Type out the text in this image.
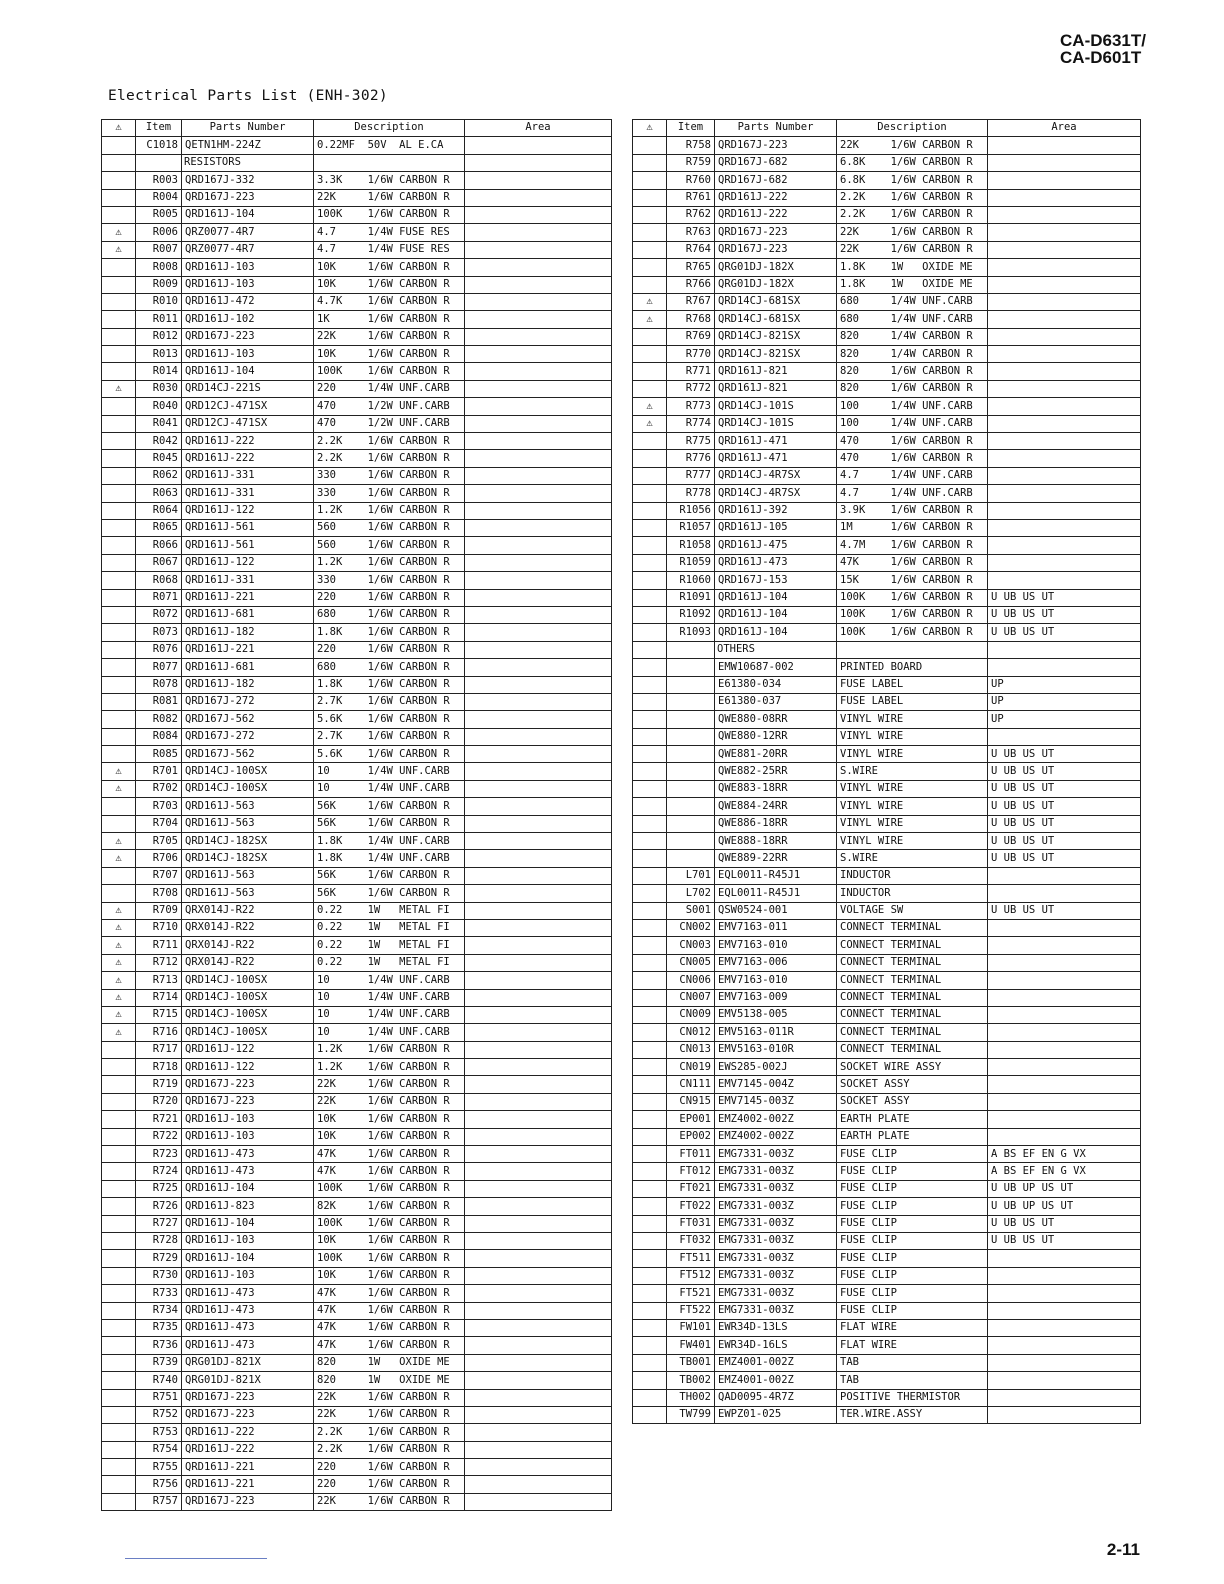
CA-D631T/
CA-D601T
Electrical Parts List (ENH-302)
⚠	Item	Parts Number	Description	Area
	C1018	QETN1HM-224Z	0.22MF  50V  AL E.CA	
		RESISTORS		
	R003	QRD167J-332	3.3K    1/6W CARBON R	
	R004	QRD167J-223	22K     1/6W CARBON R	
	R005	QRD161J-104	100K    1/6W CARBON R	
⚠	R006	QRZ0077-4R7	4.7     1/4W FUSE RES	
⚠	R007	QRZ0077-4R7	4.7     1/4W FUSE RES	
	R008	QRD161J-103	10K     1/6W CARBON R	
	R009	QRD161J-103	10K     1/6W CARBON R	
	R010	QRD161J-472	4.7K    1/6W CARBON R	
	R011	QRD161J-102	1K      1/6W CARBON R	
	R012	QRD167J-223	22K     1/6W CARBON R	
	R013	QRD161J-103	10K     1/6W CARBON R	
	R014	QRD161J-104	100K    1/6W CARBON R	
⚠	R030	QRD14CJ-221S	220     1/4W UNF.CARB	
	R040	QRD12CJ-471SX	470     1/2W UNF.CARB	
	R041	QRD12CJ-471SX	470     1/2W UNF.CARB	
	R042	QRD161J-222	2.2K    1/6W CARBON R	
	R045	QRD161J-222	2.2K    1/6W CARBON R	
	R062	QRD161J-331	330     1/6W CARBON R	
	R063	QRD161J-331	330     1/6W CARBON R	
	R064	QRD161J-122	1.2K    1/6W CARBON R	
	R065	QRD161J-561	560     1/6W CARBON R	
	R066	QRD161J-561	560     1/6W CARBON R	
	R067	QRD161J-122	1.2K    1/6W CARBON R	
	R068	QRD161J-331	330     1/6W CARBON R	
	R071	QRD161J-221	220     1/6W CARBON R	
	R072	QRD161J-681	680     1/6W CARBON R	
	R073	QRD161J-182	1.8K    1/6W CARBON R	
	R076	QRD161J-221	220     1/6W CARBON R	
	R077	QRD161J-681	680     1/6W CARBON R	
	R078	QRD161J-182	1.8K    1/6W CARBON R	
	R081	QRD167J-272	2.7K    1/6W CARBON R	
	R082	QRD167J-562	5.6K    1/6W CARBON R	
	R084	QRD167J-272	2.7K    1/6W CARBON R	
	R085	QRD167J-562	5.6K    1/6W CARBON R	
⚠	R701	QRD14CJ-100SX	10      1/4W UNF.CARB	
⚠	R702	QRD14CJ-100SX	10      1/4W UNF.CARB	
	R703	QRD161J-563	56K     1/6W CARBON R	
	R704	QRD161J-563	56K     1/6W CARBON R	
⚠	R705	QRD14CJ-182SX	1.8K    1/4W UNF.CARB	
⚠	R706	QRD14CJ-182SX	1.8K    1/4W UNF.CARB	
	R707	QRD161J-563	56K     1/6W CARBON R	
	R708	QRD161J-563	56K     1/6W CARBON R	
⚠	R709	QRX014J-R22	0.22    1W   METAL FI	
⚠	R710	QRX014J-R22	0.22    1W   METAL FI	
⚠	R711	QRX014J-R22	0.22    1W   METAL FI	
⚠	R712	QRX014J-R22	0.22    1W   METAL FI	
⚠	R713	QRD14CJ-100SX	10      1/4W UNF.CARB	
⚠	R714	QRD14CJ-100SX	10      1/4W UNF.CARB	
⚠	R715	QRD14CJ-100SX	10      1/4W UNF.CARB	
⚠	R716	QRD14CJ-100SX	10      1/4W UNF.CARB	
	R717	QRD161J-122	1.2K    1/6W CARBON R	
	R718	QRD161J-122	1.2K    1/6W CARBON R	
	R719	QRD167J-223	22K     1/6W CARBON R	
	R720	QRD167J-223	22K     1/6W CARBON R	
	R721	QRD161J-103	10K     1/6W CARBON R	
	R722	QRD161J-103	10K     1/6W CARBON R	
	R723	QRD161J-473	47K     1/6W CARBON R	
	R724	QRD161J-473	47K     1/6W CARBON R	
	R725	QRD161J-104	100K    1/6W CARBON R	
	R726	QRD161J-823	82K     1/6W CARBON R	
	R727	QRD161J-104	100K    1/6W CARBON R	
	R728	QRD161J-103	10K     1/6W CARBON R	
	R729	QRD161J-104	100K    1/6W CARBON R	
	R730	QRD161J-103	10K     1/6W CARBON R	
	R733	QRD161J-473	47K     1/6W CARBON R	
	R734	QRD161J-473	47K     1/6W CARBON R	
	R735	QRD161J-473	47K     1/6W CARBON R	
	R736	QRD161J-473	47K     1/6W CARBON R	
	R739	QRG01DJ-821X	820     1W   OXIDE ME	
	R740	QRG01DJ-821X	820     1W   OXIDE ME	
	R751	QRD167J-223	22K     1/6W CARBON R	
	R752	QRD167J-223	22K     1/6W CARBON R	
	R753	QRD161J-222	2.2K    1/6W CARBON R	
	R754	QRD161J-222	2.2K    1/6W CARBON R	
	R755	QRD161J-221	220     1/6W CARBON R	
	R756	QRD161J-221	220     1/6W CARBON R	
	R757	QRD167J-223	22K     1/6W CARBON R	
⚠	Item	Parts Number	Description	Area
	R758	QRD167J-223	22K     1/6W CARBON R	
	R759	QRD167J-682	6.8K    1/6W CARBON R	
	R760	QRD167J-682	6.8K    1/6W CARBON R	
	R761	QRD161J-222	2.2K    1/6W CARBON R	
	R762	QRD161J-222	2.2K    1/6W CARBON R	
	R763	QRD167J-223	22K     1/6W CARBON R	
	R764	QRD167J-223	22K     1/6W CARBON R	
	R765	QRG01DJ-182X	1.8K    1W   OXIDE ME	
	R766	QRG01DJ-182X	1.8K    1W   OXIDE ME	
⚠	R767	QRD14CJ-681SX	680     1/4W UNF.CARB	
⚠	R768	QRD14CJ-681SX	680     1/4W UNF.CARB	
	R769	QRD14CJ-821SX	820     1/4W CARBON R	
	R770	QRD14CJ-821SX	820     1/4W CARBON R	
	R771	QRD161J-821	820     1/6W CARBON R	
	R772	QRD161J-821	820     1/6W CARBON R	
⚠	R773	QRD14CJ-101S	100     1/4W UNF.CARB	
⚠	R774	QRD14CJ-101S	100     1/4W UNF.CARB	
	R775	QRD161J-471	470     1/6W CARBON R	
	R776	QRD161J-471	470     1/6W CARBON R	
	R777	QRD14CJ-4R7SX	4.7     1/4W UNF.CARB	
	R778	QRD14CJ-4R7SX	4.7     1/4W UNF.CARB	
	R1056	QRD161J-392	3.9K    1/6W CARBON R	
	R1057	QRD161J-105	1M      1/6W CARBON R	
	R1058	QRD161J-475	4.7M    1/6W CARBON R	
	R1059	QRD161J-473	47K     1/6W CARBON R	
	R1060	QRD167J-153	15K     1/6W CARBON R	
	R1091	QRD161J-104	100K    1/6W CARBON R	U UB US UT
	R1092	QRD161J-104	100K    1/6W CARBON R	U UB US UT
	R1093	QRD161J-104	100K    1/6W CARBON R	U UB US UT
		OTHERS		
		EMW10687-002	PRINTED BOARD	
		E61380-034	FUSE LABEL	UP
		E61380-037	FUSE LABEL	UP
		QWE880-08RR	VINYL WIRE	UP
		QWE880-12RR	VINYL WIRE	
		QWE881-20RR	VINYL WIRE	U UB US UT
		QWE882-25RR	S.WIRE	U UB US UT
		QWE883-18RR	VINYL WIRE	U UB US UT
		QWE884-24RR	VINYL WIRE	U UB US UT
		QWE886-18RR	VINYL WIRE	U UB US UT
		QWE888-18RR	VINYL WIRE	U UB US UT
		QWE889-22RR	S.WIRE	U UB US UT
	L701	EQL0011-R45J1	INDUCTOR	
	L702	EQL0011-R45J1	INDUCTOR	
	S001	QSW0524-001	VOLTAGE SW	U UB US UT
	CN002	EMV7163-011	CONNECT TERMINAL	
	CN003	EMV7163-010	CONNECT TERMINAL	
	CN005	EMV7163-006	CONNECT TERMINAL	
	CN006	EMV7163-010	CONNECT TERMINAL	
	CN007	EMV7163-009	CONNECT TERMINAL	
	CN009	EMV5138-005	CONNECT TERMINAL	
	CN012	EMV5163-011R	CONNECT TERMINAL	
	CN013	EMV5163-010R	CONNECT TERMINAL	
	CN019	EWS285-002J	SOCKET WIRE ASSY	
	CN111	EMV7145-004Z	SOCKET ASSY	
	CN915	EMV7145-003Z	SOCKET ASSY	
	EP001	EMZ4002-002Z	EARTH PLATE	
	EP002	EMZ4002-002Z	EARTH PLATE	
	FT011	EMG7331-003Z	FUSE CLIP	A BS EF EN G VX
	FT012	EMG7331-003Z	FUSE CLIP	A BS EF EN G VX
	FT021	EMG7331-003Z	FUSE CLIP	U UB UP US UT
	FT022	EMG7331-003Z	FUSE CLIP	U UB UP US UT
	FT031	EMG7331-003Z	FUSE CLIP	U UB US UT
	FT032	EMG7331-003Z	FUSE CLIP	U UB US UT
	FT511	EMG7331-003Z	FUSE CLIP	
	FT512	EMG7331-003Z	FUSE CLIP	
	FT521	EMG7331-003Z	FUSE CLIP	
	FT522	EMG7331-003Z	FUSE CLIP	
	FW101	EWR34D-13LS	FLAT WIRE	
	FW401	EWR34D-16LS	FLAT WIRE	
	TB001	EMZ4001-002Z	TAB	
	TB002	EMZ4001-002Z	TAB	
	TH002	QAD0095-4R7Z	POSITIVE THERMISTOR	
	TW799	EWPZ01-025	TER.WIRE.ASSY	
2-11
